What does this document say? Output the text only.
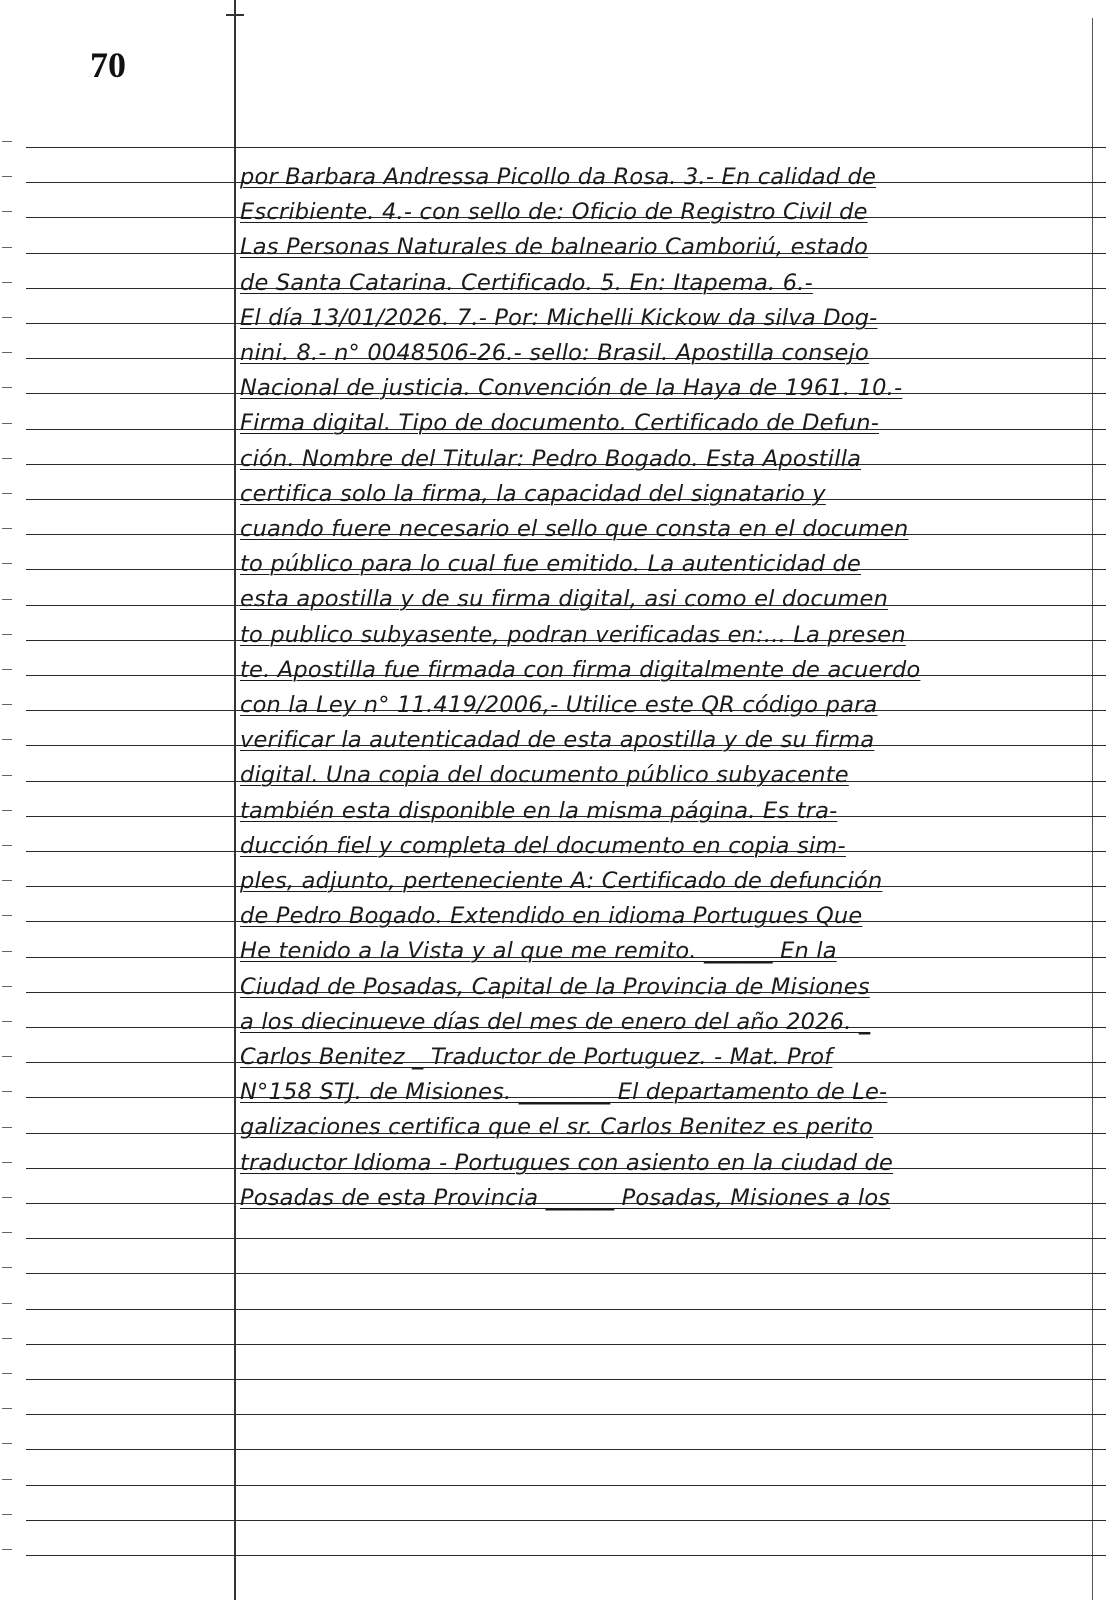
70
por Barbara Andressa Picollo da Rosa. 3.- En calidad de
Escribiente. 4.- con sello de: Oficio de Registro Civil de
Las Personas Naturales de balneario Camboriú, estado
de Santa Catarina. Certificado. 5. En: Itapema. 6.-
El día 13/01/2026. 7.- Por: Michelli Kickow da silva Dog-
nini. 8.- n° 0048506-26.- sello: Brasil. Apostilla consejo
Nacional de justicia. Convención de la Haya de 1961. 10.-
Firma digital. Tipo de documento. Certificado de Defun-
ción. Nombre del Titular: Pedro Bogado. Esta Apostilla
certifica solo la firma, la capacidad del signatario y
cuando fuere necesario el sello que consta en el documen
to público para lo cual fue emitido. La autenticidad de
esta apostilla y de su firma digital, asi como el documen
to publico subyasente, podran verificadas en:... La presen
te. Apostilla fue firmada con firma digitalmente de acuerdo
con la Ley n° 11.419/2006,- Utilice este QR código para
verificar la autenticadad de esta apostilla y de su firma
digital. Una copia del documento público subyacente
también esta disponible en la misma página. Es tra-
ducción fiel y completa del documento en copia sim-
ples, adjunto, perteneciente A: Certificado de defunción
de Pedro Bogado. Extendido en idioma Portugues Que
He tenido a la Vista y al que me remito. ______ En la
Ciudad de Posadas, Capital de la Provincia de Misiones
a los diecinueve días del mes de enero del año 2026. _
Carlos Benitez _ Traductor de Portuguez. - Mat. Prof
N°158 STJ. de Misiones. ________ El departamento de Le-
galizaciones certifica que el sr. Carlos Benitez es perito
traductor Idioma - Portugues con asiento en la ciudad de
Posadas de esta Provincia ______ Posadas, Misiones a los
